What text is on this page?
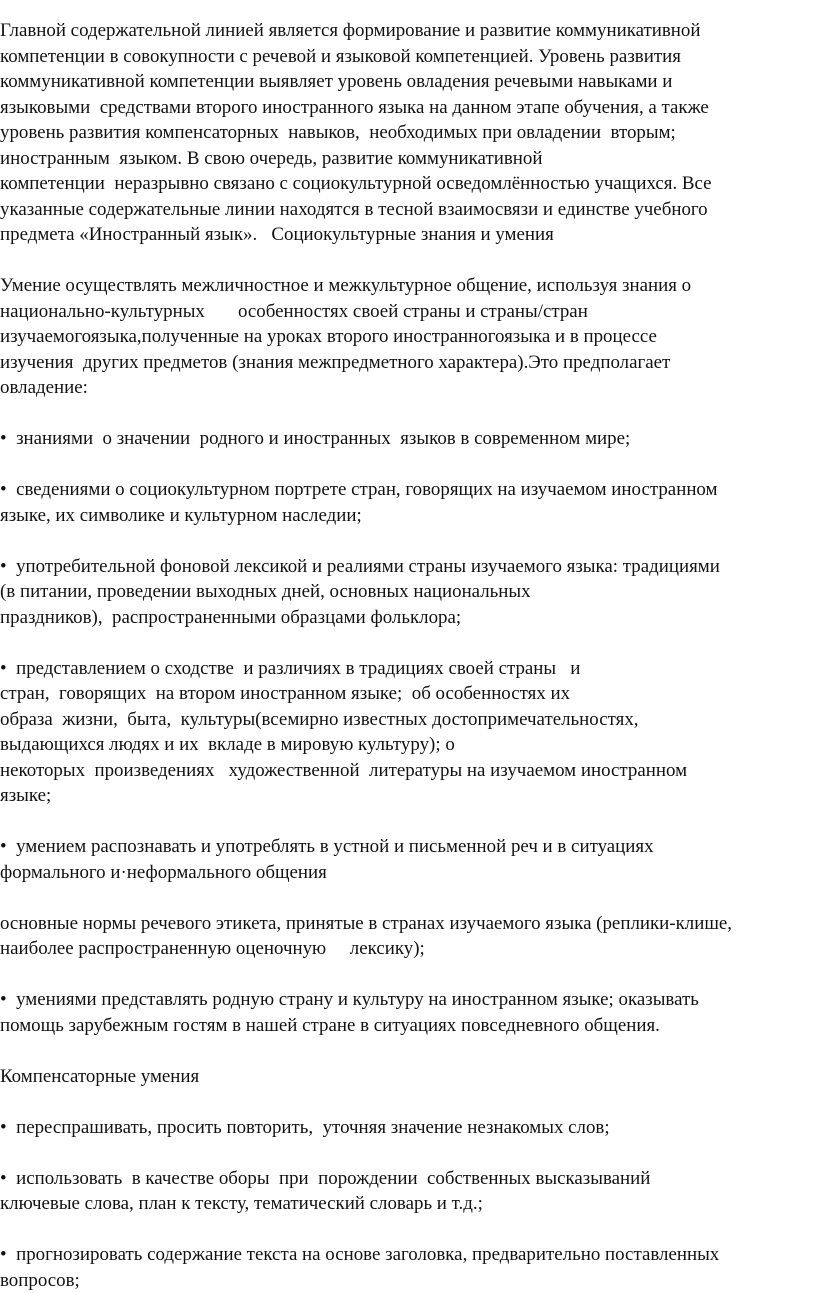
Главной содержательной линией является формирование и развитие коммуникативной
компетенции в совокупности с речевой и языковой компетенцией. Уровень развития
коммуникативной компетенции выявляет уровень овладения речевыми навыками и
языковыми  средствами второго иностранного языка на данном этапе обучения, а также
уровень развития компенсаторных  навыков,  необходимых при овладении  вторым;
иностранным  языком. В свою очередь, развитие коммуникативной
компетенции  неразрывно связано с социокультурной осведомлённостью учащихся. Все
указанные содержательные линии находятся в тесной взаимосвязи и единстве учебного
предмета «Иностранный язык».   Социокультурные знания и умения
Умение осуществлять межличностное и межкультурное общение, используя знания о
национально-культурных       особенностях своей страны и страны/стран
изучаемогоязыка,полученные на уроках второго иностранногоязыка и в процессе
изучения  других предметов (знания межпредметного характера).Это предполагает
овладение:
•  знаниями  о значении  родного и иностранных  языков в современном мире;
•  сведениями о социокультурном портрете стран, говорящих на изучаемом иностранном
языке, их символике и культурном наследии;
•  употребительной фоновой лексикой и реалиями страны изучаемого языка: традициями
(в питании, проведении выходных дней, основных национальных
праздников),  распространенными образцами фольклора;
•  представлением о сходстве  и различиях в традициях своей страны   и
стран,  говорящих  на втором иностранном языке;  об особенностях их
образа  жизни,  быта,  культуры(всемирно известных достопримечательностях,
выдающихся людях и их  вкладе в мировую культуру); о
некоторых  произведениях   художественной  литературы на изучаемом иностранном
языке;
•  умением распознавать и употреблять в устной и письменной реч и в ситуациях
формального и·неформального общения
основные нормы речевого этикета, принятые в странах изучаемого языка (реплики-клише,
наиболее распространенную оценочную     лексику);
•  умениями представлять родную страну и культуру на иностранном языке; оказывать
помощь зарубежным гостям в нашей стране в ситуациях повседневного общения.
Компенсаторные умения
•  переспрашивать, просить повторить,  уточняя значение незнакомых слов;
•  использовать  в качестве оборы  при  порождении  собственных высказываний
ключевые слова, план к тексту, тематический словарь и т.д.;
•  прогнозировать содержание текста на основе заголовка, предварительно поставленных
вопросов;
